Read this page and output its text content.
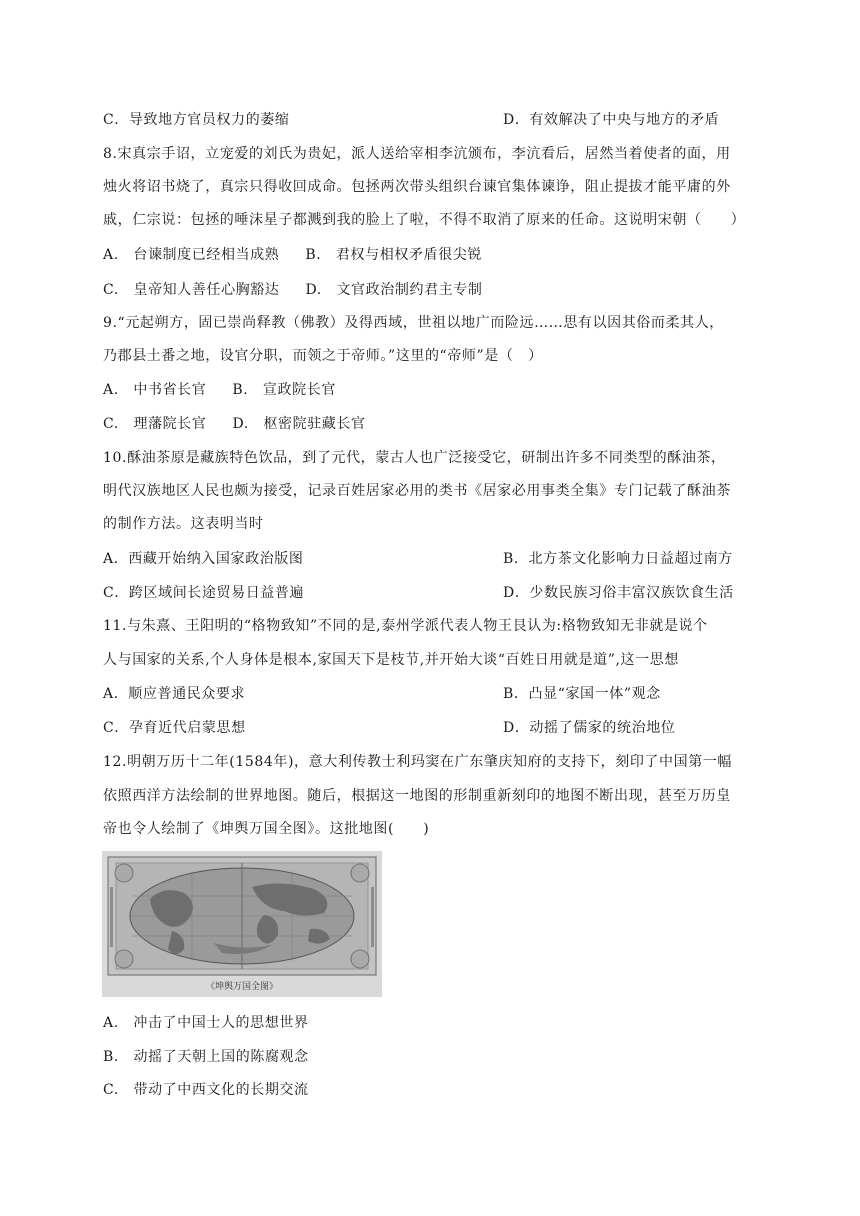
C．导致地方官员权力的萎缩	D．有效解决了中央与地方的矛盾
8.宋真宗手诏，立宠爱的刘氏为贵妃，派人送给宰相李沆颁布，李沆看后，居然当着使者的面，用
烛火将诏书烧了，真宗只得收回成命。包拯两次带头组织台谏官集体谏诤，阻止提拔才能平庸的外
戚，仁宗说：包拯的唾沫星子都溅到我的脸上了啦，不得不取消了原来的任命。这说明宋朝（　　）
A.　台谏制度已经相当成熟 B.　君权与相权矛盾很尖锐
C.　皇帝知人善任心胸豁达 D.　文官政治制约君主专制
9.“元起朔方，固已崇尚释教（佛教）及得西域，世祖以地广而险远……思有以因其俗而柔其人，
乃郡县土番之地，设官分职，而领之于帝师。”这里的“帝师”是（　）
A.　中书省长官 B.　宣政院长官
C.　理藩院长官 D.　枢密院驻藏长官
10.酥油茶原是藏族特色饮品，到了元代，蒙古人也广泛接受它，研制出许多不同类型的酥油茶，
明代汉族地区人民也颇为接受，记录百姓居家必用的类书《居家必用事类全集》专门记载了酥油茶
的制作方法。这表明当时
A．西藏开始纳入国家政治版图	B．北方茶文化影响力日益超过南方
C．跨区域间长途贸易日益普遍	D．少数民族习俗丰富汉族饮食生活
11.与朱熹、王阳明的“格物致知”不同的是,泰州学派代表人物王艮认为:格物致知无非就是说个
人与国家的关系,个人身体是根本,家国天下是枝节,并开始大谈“百姓日用就是道”,这一思想
A．顺应普通民众要求	B．凸显“家国一体”观念
C．孕育近代启蒙思想	D．动摇了儒家的统治地位
12.明朝万历十二年(1584年)，意大利传教士利玛窦在广东肇庆知府的支持下，刻印了中国第一幅
依照西洋方法绘制的世界地图。随后，根据这一地图的形制重新刻印的地图不断出现，甚至万历皇
帝也令人绘制了《坤舆万国全图》。这批地图(　　)
《坤舆万国全图》
A.　冲击了中国士人的思想世界
B.　动摇了天朝上国的陈腐观念
C.　带动了中西文化的长期交流
